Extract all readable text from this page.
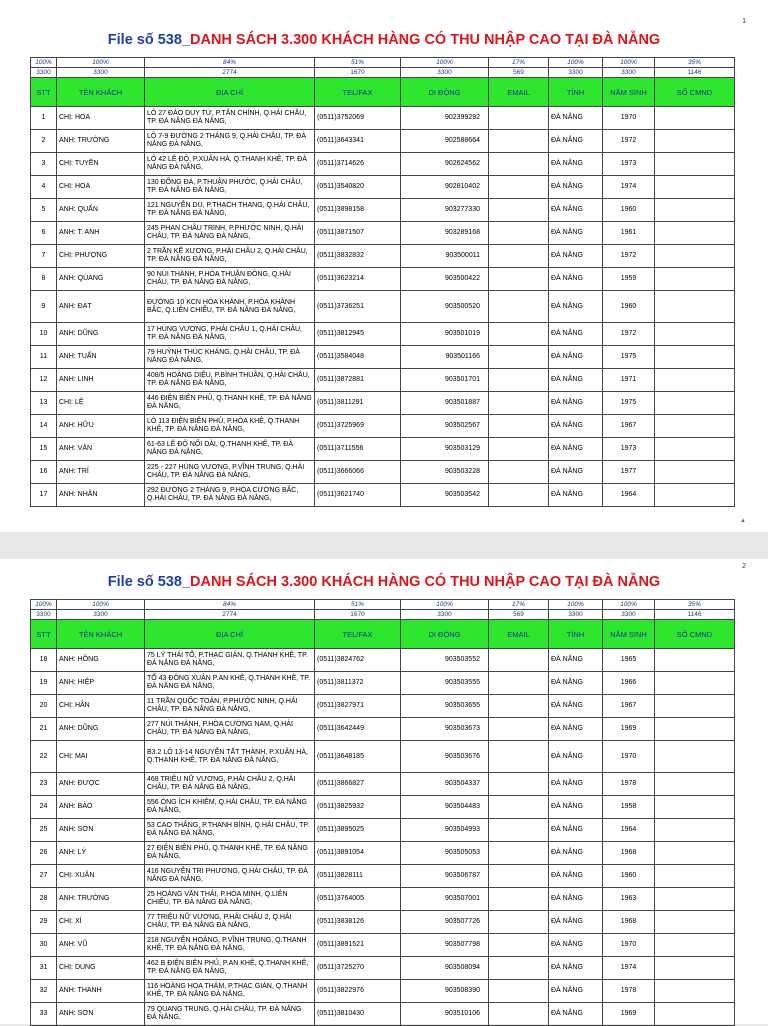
1
File số 538_DANH SÁCH 3.300 KHÁCH HÀNG CÓ THU NHẬP CAO TẠI ĐÀ NẴNG
100%	100%	84%	51%	100%	17%	100%	100%	35%
3300	3300	2774	1670	3300	569	3300	3300	1146
STT	TÊN KHÁCH	ĐỊA CHỈ	TEL/FAX	DI ĐỘNG	EMAIL	TỈNH	NĂM SINH	SỐ CMND
1	CHỊ: HOA	LÔ 27 ĐÀO DUY TỪ, P.TÂN CHÍNH, Q.HẢI CHÂU, TP. ĐÀ NẴNG ĐÀ NẴNG,	(0511)3752069	902399292		ĐÀ NẴNG	1970	
2	ANH: TRƯỜNG	LÔ 7-9 ĐƯỜNG 2 THÁNG 9, Q.HẢI CHÂU, TP. ĐÀ NẴNG ĐÀ NẴNG,	(0511)3643341	902588664		ĐÀ NẴNG	1972	
3	CHỊ: TUYỀN	LÔ 42 LÊ ĐỘ, P.XUÂN HÀ, Q.THANH KHÊ, TP. ĐÀ NẴNG ĐÀ NẴNG,	(0511)3714626	902624562		ĐÀ NẴNG	1973	
4	CHỊ: HOA	130 ĐỐNG ĐA, P.THUẬN PHƯỚC, Q.HẢI CHÂU, TP. ĐÀ NẴNG ĐÀ NẴNG,	(0511)3540820	902810402		ĐÀ NẴNG	1974	
5	ANH: QUẤN	121 NGUYỄN DU, P.THẠCH THANG, Q.HẢI CHÂU, TP. ĐÀ NẴNG ĐÀ NẴNG,	(0511)3898158	903277330		ĐÀ NẴNG	1960	
6	ANH: T. ANH	245 PHAN CHÂU TRINH, P.PHƯỚC NINH, Q.HẢI CHÂU, TP. ĐÀ NẴNG ĐÀ NẴNG,	(0511)3871507	903289168		ĐÀ NẴNG	1961	
7	CHỊ: PHƯỢNG	2 TRẦN KẾ XƯƠNG, P.HẢI CHÂU 2, Q.HẢI CHÂU, TP. ĐÀ NẴNG ĐÀ NẴNG,	(0511)3832832	903500011		ĐÀ NẴNG	1972	
8	ANH: QUANG	90 NÚI THÀNH, P.HÒA THUẬN ĐÔNG, Q.HẢI CHÂU, TP. ĐÀ NẴNG ĐÀ NẴNG,	(0511)3623214	903500422		ĐÀ NẴNG	1959	
9	ANH: ĐẠT	ĐƯỜNG 10 KCN HÒA KHÁNH, P.HÒA KHÁNH BẮC, Q.LIÊN CHIỂU, TP. ĐÀ NẴNG ĐÀ NẴNG,	(0511)3736251	903500520		ĐÀ NẴNG	1960	
10	ANH: DŨNG	17 HÙNG VƯƠNG, P.HẢI CHÂU 1, Q.HẢI CHÂU, TP. ĐÀ NẴNG ĐÀ NẴNG,	(0511)3812945	903501019		ĐÀ NẴNG	1972	
11	ANH: TUẤN	79 HUỲNH THÚC KHÁNG, Q.HẢI CHÂU, TP. ĐÀ NẴNG ĐÀ NẴNG,	(0511)3584048	903501166		ĐÀ NẴNG	1975	
12	ANH: LINH	408/5 HOÀNG DIỆU, P.BÌNH THUẬN, Q.HẢI CHÂU, TP. ĐÀ NẴNG ĐÀ NẴNG,	(0511)3872881	903501701		ĐÀ NẴNG	1971	
13	CHỊ: LỆ	446 ĐIỆN BIÊN PHỦ, Q.THANH KHÊ, TP. ĐÀ NẴNG ĐÀ NẴNG,	(0511)3811291	903501887		ĐÀ NẴNG	1975	
14	ANH: HỮU	LÔ 113 ĐIỆN BIÊN PHỦ, P.HÒA KHÊ, Q.THANH KHÊ, TP. ĐÀ NẴNG ĐÀ NẴNG,	(0511)3725969	903502567		ĐÀ NẴNG	1967	
15	ANH: VĂN	61-63 LÊ ĐỘ NỐI DÀI, Q.THANH KHÊ, TP. ĐÀ NẴNG ĐÀ NẴNG,	(0511)3711556	903503129		ĐÀ NẴNG	1973	
16	ANH: TRÍ	225 - 227 HÙNG VƯƠNG, P.VĨNH TRUNG, Q.HẢI CHÂU, TP. ĐÀ NẴNG ĐÀ NẴNG,	(0511)3666066	903503228		ĐÀ NẴNG	1977	
17	ANH: NHÂN	292 ĐƯỜNG 2 THÁNG 9, P.HÒA CƯỜNG BẮC, Q.HẢI CHÂU, TP. ĐÀ NẴNG ĐÀ NẴNG,	(0511)3621740	903503542		ĐÀ NẴNG	1964	
▲
2
File số 538_DANH SÁCH 3.300 KHÁCH HÀNG CÓ THU NHẬP CAO TẠI ĐÀ NẴNG
100%	100%	84%	51%	100%	17%	100%	100%	35%
3300	3300	2774	1670	3300	569	3300	3300	1146
STT	TÊN KHÁCH	ĐỊA CHỈ	TEL/FAX	DI ĐỘNG	EMAIL	TỈNH	NĂM SINH	SỐ CMND
18	ANH: HỒNG	75 LÝ THÁI TỔ, P.THẠC GIÁN, Q.THANH KHÊ, TP. ĐÀ NẴNG ĐÀ NẴNG,	(0511)3824762	903503552		ĐÀ NẴNG	1965	
19	ANH: HIỆP	TỔ 43 ĐÔNG XUÂN P.AN KHÊ, Q.THANH KHÊ, TP. ĐÀ NẴNG ĐÀ NẴNG,	(0511)3811372	903503555		ĐÀ NẴNG	1966	
20	CHỊ: HÂN	11 TRẦN QUỐC TOẢN, P.PHƯỚC NINH, Q.HẢI CHÂU, TP. ĐÀ NẴNG ĐÀ NẴNG,	(0511)3827971	903503655		ĐÀ NẴNG	1967	
21	ANH: DŨNG	277 NÚI THÀNH, P.HÒA CƯỜNG NAM, Q.HẢI CHÂU, TP. ĐÀ NẴNG ĐÀ NẴNG,	(0511)3642449	903503673		ĐÀ NẴNG	1969	
22	CHỊ: MAI	B3.2 LÔ 13-14 NGUYỄN TẤT THÀNH, P.XUÂN HÀ, Q.THANH KHÊ, TP. ĐÀ NẴNG ĐÀ NẴNG,	(0511)3648185	903503676		ĐÀ NẴNG	1970	
23	ANH: ĐƯỢC	468 TRIỆU NỮ VƯƠNG, P.HẢI CHÂU 2, Q.HẢI CHÂU, TP. ĐÀ NẴNG ĐÀ NẴNG,	(0511)3866827	903504337		ĐÀ NẴNG	1978	
24	ANH: BẢO	556 ÔNG ÍCH KHIÊM, Q.HẢI CHÂU, TP. ĐÀ NẴNG ĐÀ NẴNG,	(0511)3825932	903504483		ĐÀ NẴNG	1958	
25	ANH: SƠN	53 CAO THẮNG, P.THANH BÌNH, Q.HẢI CHÂU, TP. ĐÀ NẴNG ĐÀ NẴNG,	(0511)3895025	903504993		ĐÀ NẴNG	1964	
26	ANH: LÝ	27 ĐIỆN BIÊN PHỦ, Q.THANH KHÊ, TP. ĐÀ NẴNG ĐÀ NẴNG,	(0511)3891054	903505053		ĐÀ NẴNG	1968	
27	CHỊ: XUÂN	416 NGUYỄN TRI PHƯƠNG, Q.HẢI CHÂU, TP. ĐÀ NẴNG ĐÀ NẴNG,	(0511)3828111	903506787		ĐÀ NẴNG	1960	
28	ANH: TRƯỜNG	25 HOÀNG VĂN THÁI, P.HÒA MINH, Q.LIÊN CHIỂU, TP. ĐÀ NẴNG ĐÀ NẴNG,	(0511)3764005	903507001		ĐÀ NẴNG	1963	
29	CHỊ: XÍ	77 TRIỆU NỮ VƯƠNG, P.HẢI CHÂU 2, Q.HẢI CHÂU, TP. ĐÀ NẴNG ĐÀ NẴNG,	(0511)3838126	903507726		ĐÀ NẴNG	1968	
30	ANH: VŨ	218 NGUYỄN HOÀNG, P.VĨNH TRUNG, Q.THANH KHÊ, TP. ĐÀ NẴNG ĐÀ NẴNG,	(0511)3891521	903507798		ĐÀ NẴNG	1970	
31	CHỊ: DUNG	462 B ĐIỆN BIÊN PHỦ, P.AN KHÊ, Q.THANH KHÊ, TP. ĐÀ NẴNG ĐÀ NẴNG,	(0511)3725270	903508094		ĐÀ NẴNG	1974	
32	ANH: THANH	116 HOÀNG HOA THÁM, P.THẠC GIÁN, Q.THANH KHÊ, TP. ĐÀ NẴNG ĐÀ NẴNG,	(0511)3822976	903508390		ĐÀ NẴNG	1978	
33	ANH: SƠN	79 QUANG TRUNG, Q.HẢI CHÂU, TP. ĐÀ NẴNG ĐÀ NẴNG,	(0511)3810430	903510106		ĐÀ NẴNG	1969	
